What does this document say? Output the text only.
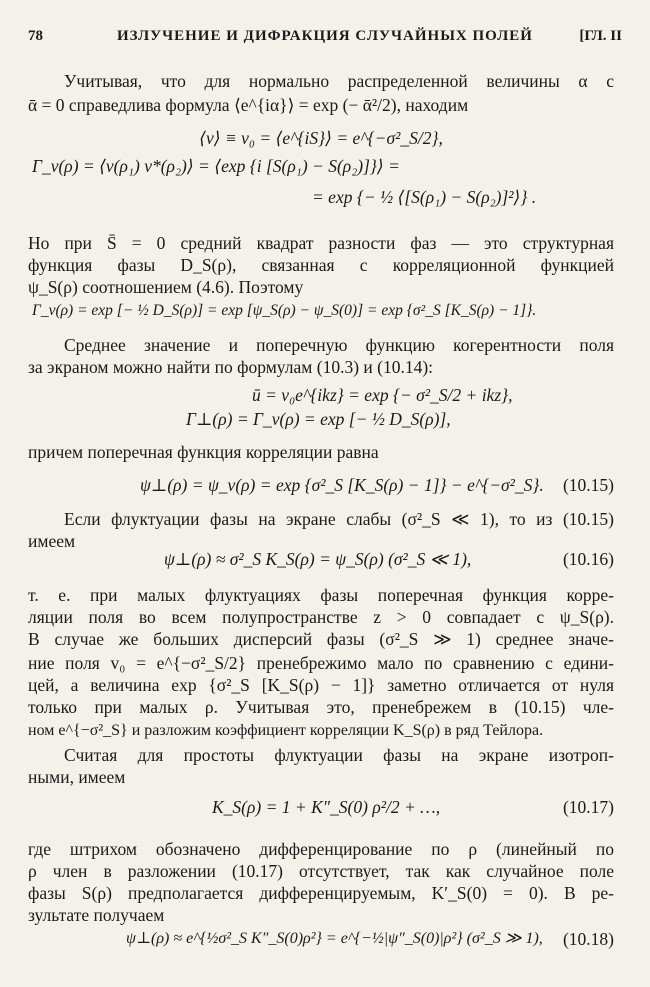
78	ИЗЛУЧЕНИЕ И ДИФРАКЦИЯ СЛУЧАЙНЫХ ПОЛЕЙ	[ГЛ. II
Учитывая, что для нормально распределенной величины α с
ᾱ = 0 справедлива формула ⟨e^{iα}⟩ = exp (− ᾱ²/2), находим
⟨v⟩ ≡ v₀ = ⟨e^{iS}⟩ = e^{−σ²_S/2},
Γ_v(ρ) = ⟨v(ρ₁) v*(ρ₂)⟩ = ⟨exp {i [S(ρ₁) − S(ρ₂)]}⟩ =
= exp {− ½ ⟨[S(ρ₁) − S(ρ₂)]²⟩} .
Но при S̄ = 0 средний квадрат разности фаз — это структурная
функция фазы D_S(ρ), связанная с корреляционной функцией
ψ_S(ρ) соотношением (4.6). Поэтому
Γ_v(ρ) = exp [− ½ D_S(ρ)] = exp [ψ_S(ρ) − ψ_S(0)] = exp {σ²_S [K_S(ρ) − 1]}.
Среднее значение и поперечную функцию когерентности поля
за экраном можно найти по формулам (10.3) и (10.14):
ū = v₀e^{ikz} = exp {− σ²_S/2 + ikz},
Γ⊥(ρ) = Γ_v(ρ) = exp [− ½ D_S(ρ)],
причем поперечная функция корреляции равна
ψ⊥(ρ) = ψ_v(ρ) = exp {σ²_S [K_S(ρ) − 1]} − e^{−σ²_S}. (10.15)
Если флуктуации фазы на экране слабы (σ²_S ≪ 1), то из (10.15)
имеем
ψ⊥(ρ) ≈ σ²_S K_S(ρ) = ψ_S(ρ) (σ²_S ≪ 1),	(10.16)
т. е. при малых флуктуациях фазы поперечная функция корре-
ляции поля во всем полупространстве z > 0 совпадает с ψ_S(ρ).
В случае же больших дисперсий фазы (σ²_S ≫ 1) среднее значе-
ние поля v₀ = e^{−σ²_S/2} пренебрежимо мало по сравнению с едини-
цей, а величина exp {σ²_S [K_S(ρ) − 1]} заметно отличается от нуля
только при малых ρ. Учитывая это, пренебрежем в (10.15) чле-
ном e^{−σ²_S} и разложим коэффициент корреляции K_S(ρ) в ряд Тейлора.
Считая для простоты флуктуации фазы на экране изотроп-
ными, имеем
K_S(ρ) = 1 + K″_S(0) ρ²/2 + …,	(10.17)
где штрихом обозначено дифференцирование по ρ (линейный по
ρ член в разложении (10.17) отсутствует, так как случайное поле
фазы S(ρ) предполагается дифференцируемым, K′_S(0) = 0). В ре-
зультате получаем
ψ⊥(ρ) ≈ e^{½σ²_S K″_S(0)ρ²} = e^{−½|ψ″_S(0)|ρ²} (σ²_S ≫ 1), (10.18)
